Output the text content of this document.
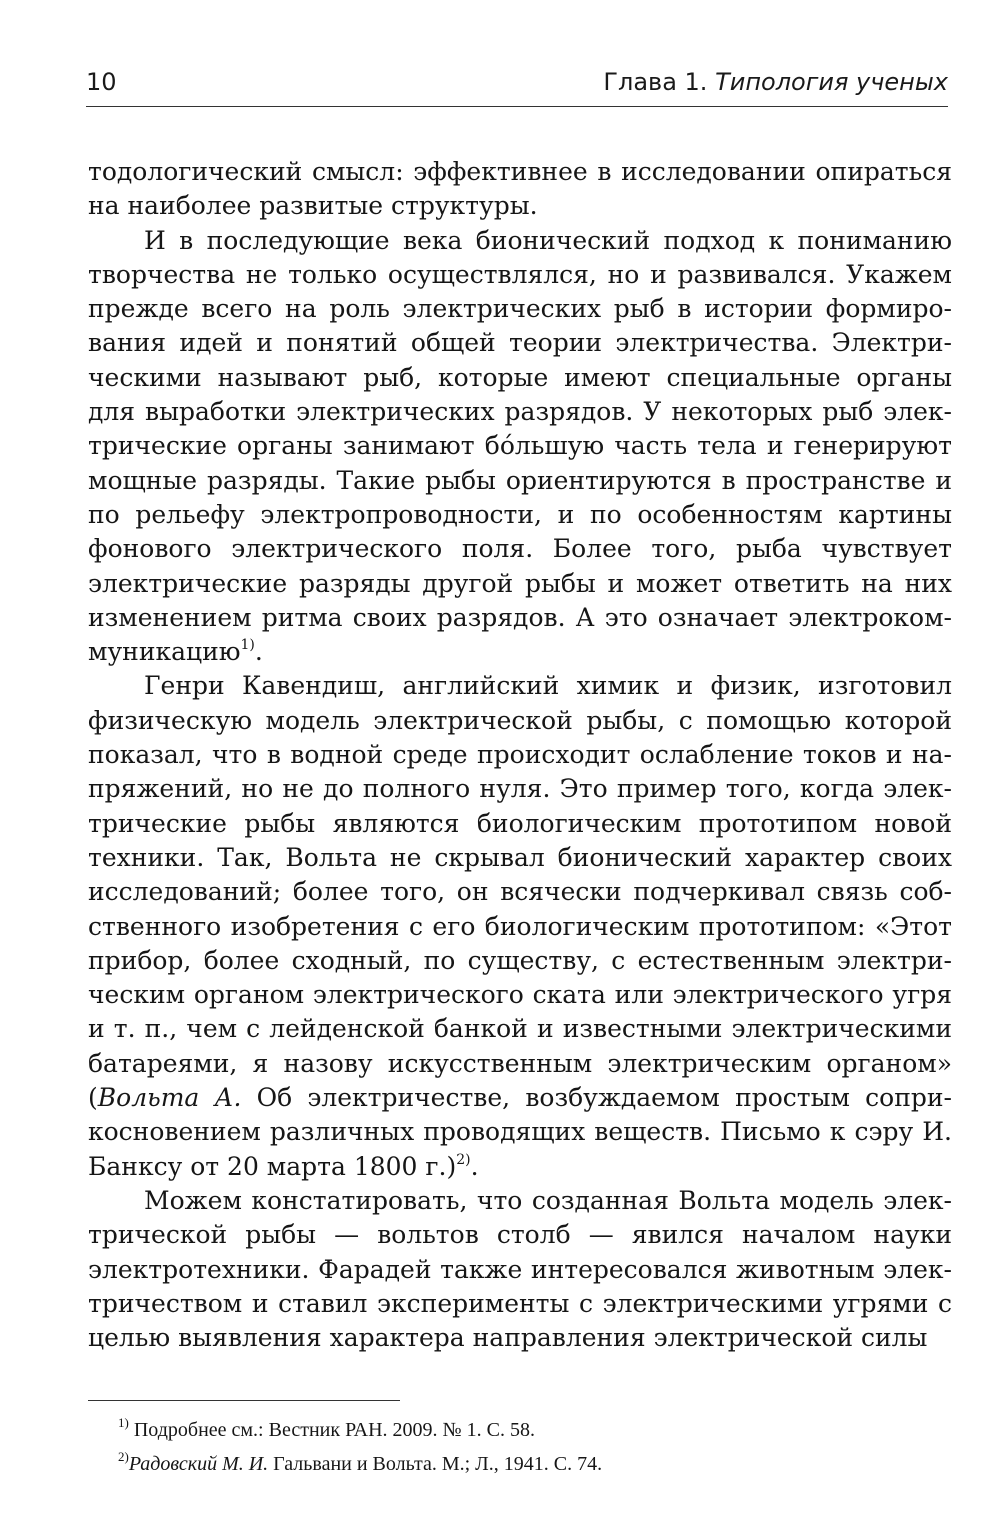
10	Глава 1. Типология ученых

тодологический смысл: эффективнее в исследовании опираться на наиболее развитые структуры.

И в последующие века бионический подход к пониманию творчества не только осуществлялся, но и развивался. Укажем прежде всего на роль электрических рыб в истории формирования идей и понятий общей теории электричества. Электрическими называют рыб, которые имеют специальные органы для выработки электрических разрядов. У некоторых рыб электрические органы занимают бóльшую часть тела и генерируют мощные разряды. Такие рыбы ориентируются в пространстве и по рельефу электропроводности, и по особенностям картины фонового электрического поля. Более того, рыба чувствует электрические разряды другой рыбы и может ответить на них изменением ритма своих разрядов. А это означает электрокоммуникацию$^{1)}$.

Генри Кавендиш, английский химик и физик, изготовил физическую модель электрической рыбы, с помощью которой показал, что в водной среде происходит ослабление токов и напряжений, но не до полного нуля. Это пример того, когда электрические рыбы являются биологическим прототипом новой техники. Так, Вольта не скрывал бионический характер своих исследований; более того, он всячески подчеркивал связь собственного изобретения с его биологическим прототипом: «Этот прибор, более сходный, по существу, с естественным электрическим органом электрического ската или электрического угря и т. п., чем с лейденской банкой и известными электрическими батареями, я назову искусственным электрическим органом» (Вольта А. Об электричестве, возбуждаемом простым соприкосновением различных проводящих веществ. Письмо к сэру И. Банксу от 20 марта 1800 г.)$^{2)}$.

Можем констатировать, что созданная Вольта модель электрической рыбы — вольтов столб — явился началом науки электротехники. Фарадей также интересовался животным электричеством и ставил эксперименты с электрическими угрями с целью выявления характера направления электрической силы

$^{1)}$ Подробнее см.: Вестник РАН. 2009. № 1. С. 58.
$^{2)}$Радовский М. И. Гальвани и Вольта. М.; Л., 1941. С. 74.
